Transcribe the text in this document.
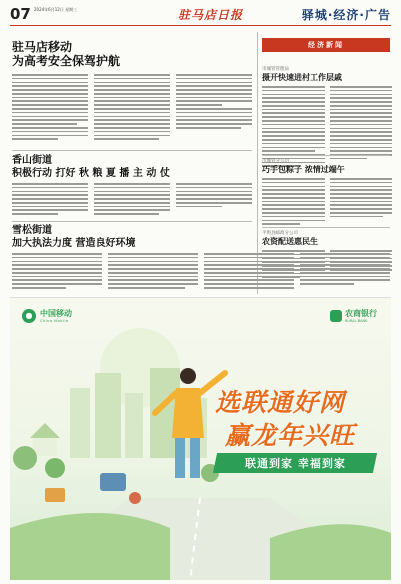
07 2024年6月12日 星期三	驻马店日报	驿城·经济·广告
驻马店移动
为高考安全保驾护航
香山街道
积极行动 打好 秋 粮 夏 播 主 动 仗
雪松街道
加大执法力度 营造良好环境
经济新闻
市城管管理局
摄开快速进村工作层戚
市城管分公司
巧手包粽子 浓情过端午
平舆县邮政分公司
农资配送惠民生
● 中国移动
China Mobile
农商银行
RURAL BANK
选联通好网
赢龙年兴旺
联通到家 幸福到家
